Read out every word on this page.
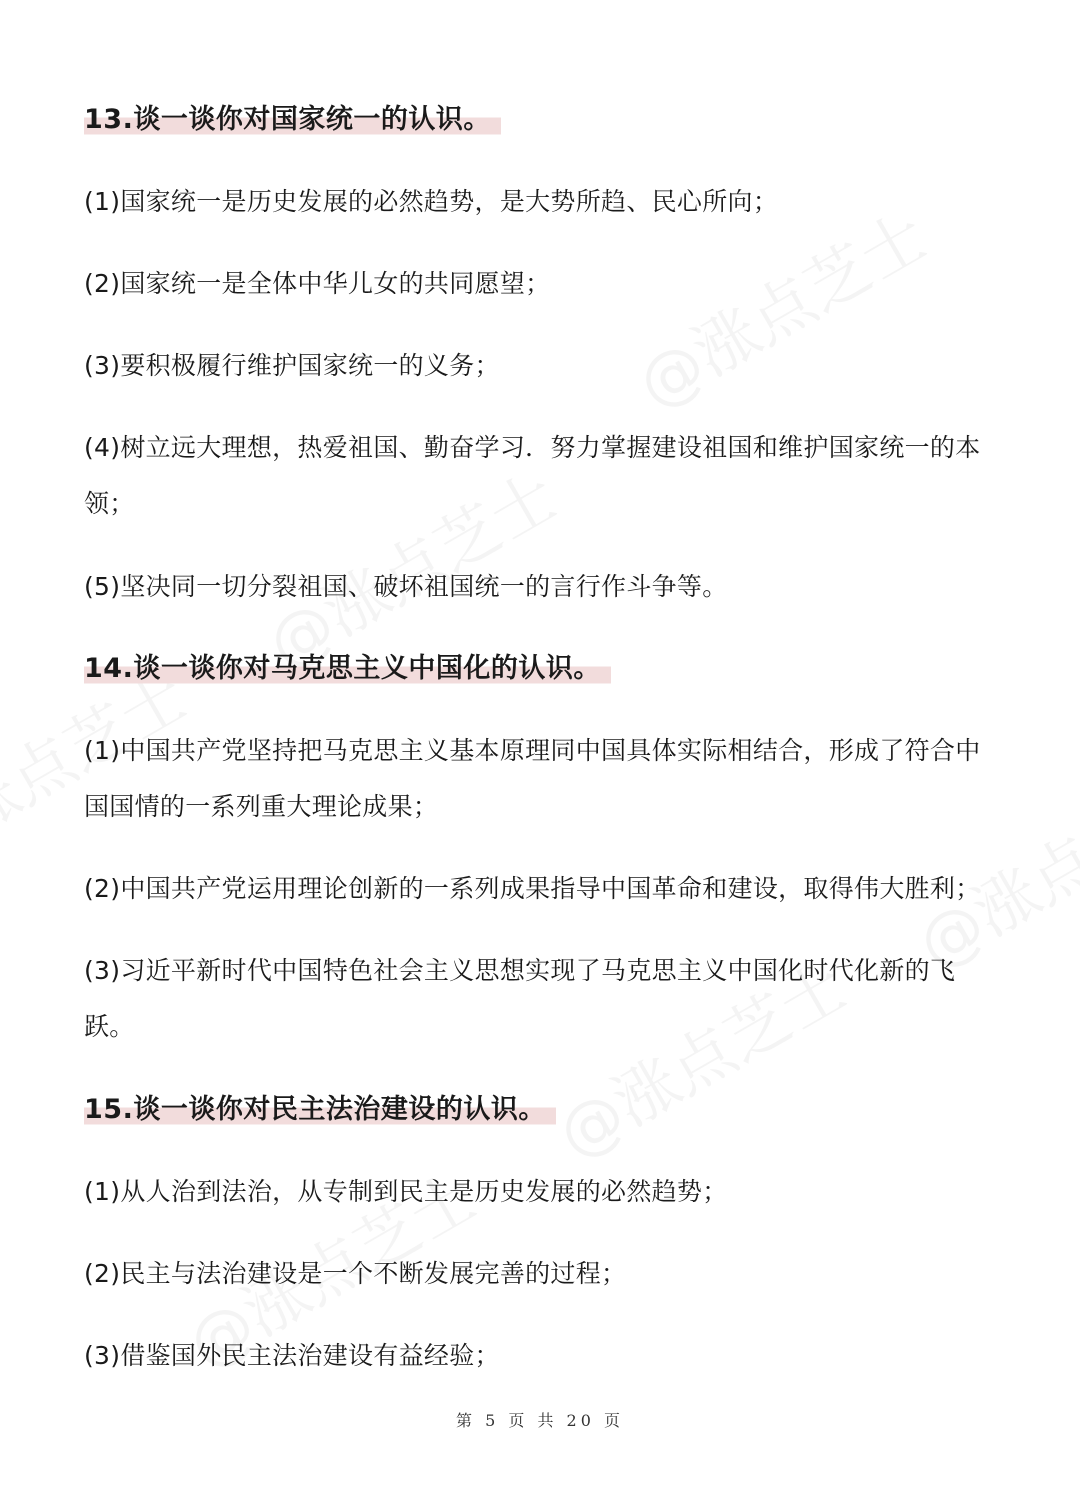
13.谈一谈你对国家统一的认识。

(1)国家统一是历史发展的必然趋势，是大势所趋、民心所向；

(2)国家统一是全体中华儿女的共同愿望；

(3)要积极履行维护国家统一的义务；

(4)树立远大理想，热爱祖国、勤奋学习．努力掌握建设祖国和维护国家统一的本领；

(5)坚决同一切分裂祖国、破坏祖国统一的言行作斗争等。

14.谈一谈你对马克思主义中国化的认识。

(1)中国共产党坚持把马克思主义基本原理同中国具体实际相结合，形成了符合中国国情的一系列重大理论成果；

(2)中国共产党运用理论创新的一系列成果指导中国革命和建设，取得伟大胜利；

(3)习近平新时代中国特色社会主义思想实现了马克思主义中国化时代化新的飞跃。

15.谈一谈你对民主法治建设的认识。

(1)从人治到法治，从专制到民主是历史发展的必然趋势；

(2)民主与法治建设是一个不断发展完善的过程；

(3)借鉴国外民主法治建设有益经验；

第 5 页 共 20 页
